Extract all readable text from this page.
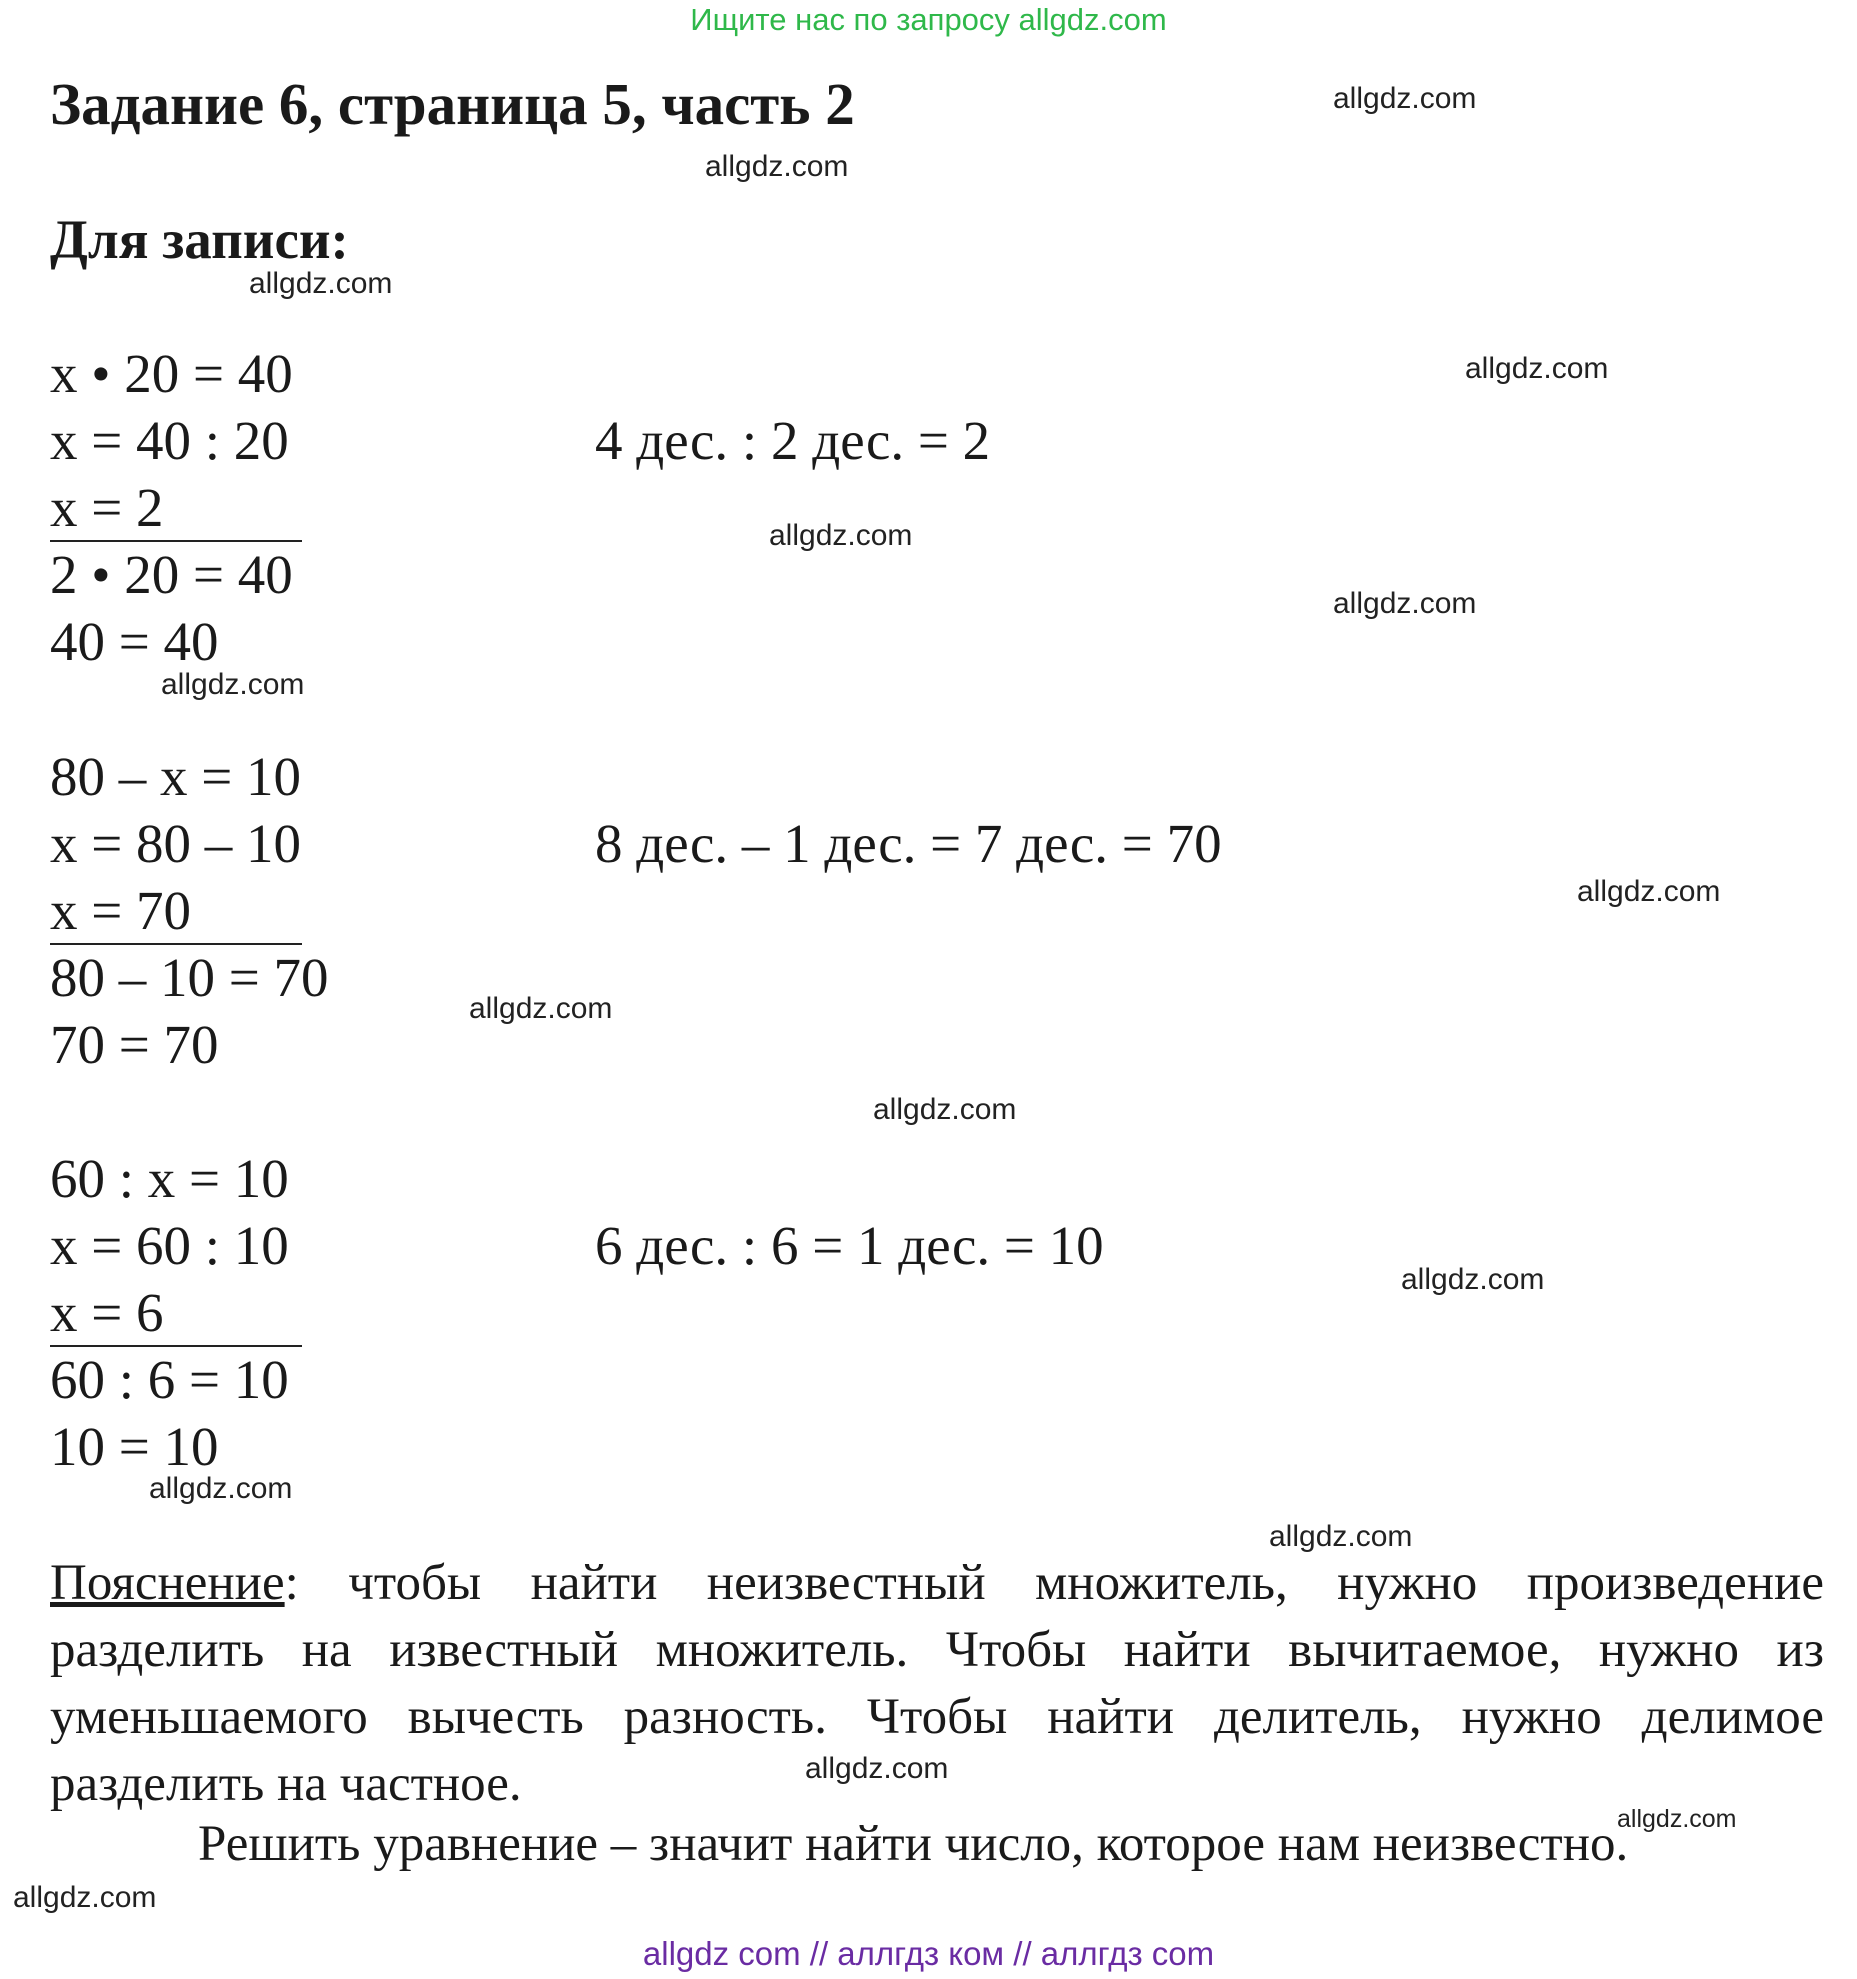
Ищите нас по запросу allgdz.com
Задание 6, страница 5, часть 2
Для записи:
x • 20 = 40
x = 40 : 20
x = 2
2 • 20 = 40
40 = 40
4 дес. : 2 дес. = 2
80 – x = 10
x = 80 – 10
x = 70
80 – 10 = 70
70 = 70
8 дес. – 1 дес. = 7 дес. = 70
60 : x = 10
x = 60 : 10
x = 6
60 : 6 = 10
10 = 10
6 дес. : 6 = 1 дес. = 10
Пояснение: чтобы найти неизвестный множитель, нужно произведение разделить на известный множитель. Чтобы найти вычитаемое, нужно из уменьшаемого вычесть разность. Чтобы найти делитель, нужно делимое разделить на частное.
Решить уравнение – значит найти число, которое нам неизвестно.
allgdz.com
allgdz.com
allgdz.com
allgdz.com
allgdz.com
allgdz.com
allgdz.com
allgdz.com
allgdz.com
allgdz.com
allgdz.com
allgdz.com
allgdz.com
allgdz.com
allgdz.com
allgdz.com
allgdz com // аллгдз ком // аллгдз com
